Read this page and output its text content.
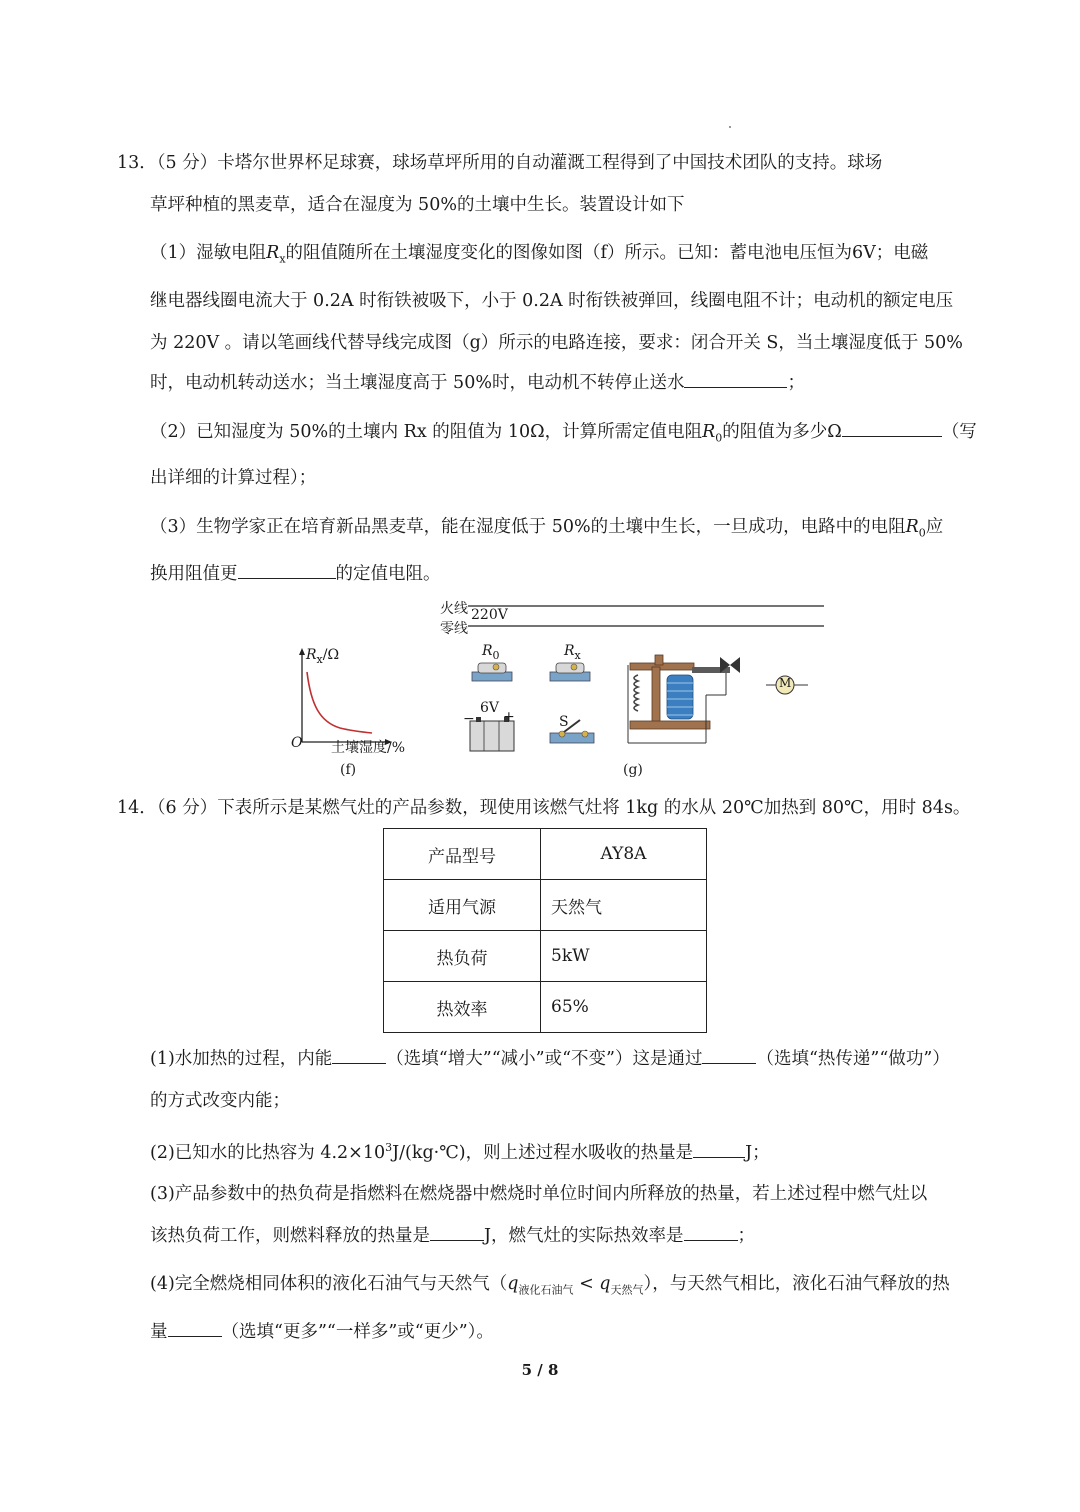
13．（5 分）卡塔尔世界杯足球赛，球场草坪所用的自动灌溉工程得到了中国技术团队的支持。球场
草坪种植的黑麦草，适合在湿度为 50%的土壤中生长。装置设计如下
（1）湿敏电阻$R_x$的阻值随所在土壤湿度变化的图像如图（f）所示。已知：蓄电池电压恒为6V；电磁
继电器线圈电流大于 0.2A 时衔铁被吸下，小于 0.2A 时衔铁被弹回，线圈电阻不计；电动机的额定电压
为 220V 。请以笔画线代替导线完成图（g）所示的电路连接，要求：闭合开关 S，当土壤湿度低于 50%
时，电动机转动送水；当土壤湿度高于 50%时，电动机不转停止送水	；
（2）已知湿度为 50%的土壤内 Rx 的阻值为 10Ω，计算所需定值电阻$R_0$的阻值为多少Ω	（写
出详细的计算过程）；
（3）生物学家正在培育新品黑麦草，能在湿度低于 50%的土壤中生长，一旦成功，电路中的电阻$R_0$应
换用阻值更	的定值电阻。
$R_x/\Omega$
O 土壤湿度/%
(f)
火线
零线
220V
$R_0$	$R_x$
6V
− +	S
M
(g)
14．（6 分）下表所示是某燃气灶的产品参数，现使用该燃气灶将 1kg 的水从 20℃加热到 80℃，用时 84s。
产品型号	AY8A
适用气源	天然气
热负荷	5kW
热效率	65%
(1)水加热的过程，内能	（选填“增大”“减小”或“不变”）这是通过	（选填“热传递”“做功”）
的方式改变内能；
(2)已知水的比热容为 $4.2\times 10^3J/(kg\cdot℃)$，则上述过程水吸收的热量是	J；
(3)产品参数中的热负荷是指燃料在燃烧器中燃烧时单位时间内所释放的热量，若上述过程中燃气灶以
该热负荷工作，则燃料释放的热量是	J，燃气灶的实际热效率是	；
(4)完全燃烧相同体积的液化石油气与天然气$(q_{液化石油气} < q_{天然气})$，与天然气相比，液化石油气释放的热
量	（选填“更多”“一样多”或“更少”）。
5 / 8
